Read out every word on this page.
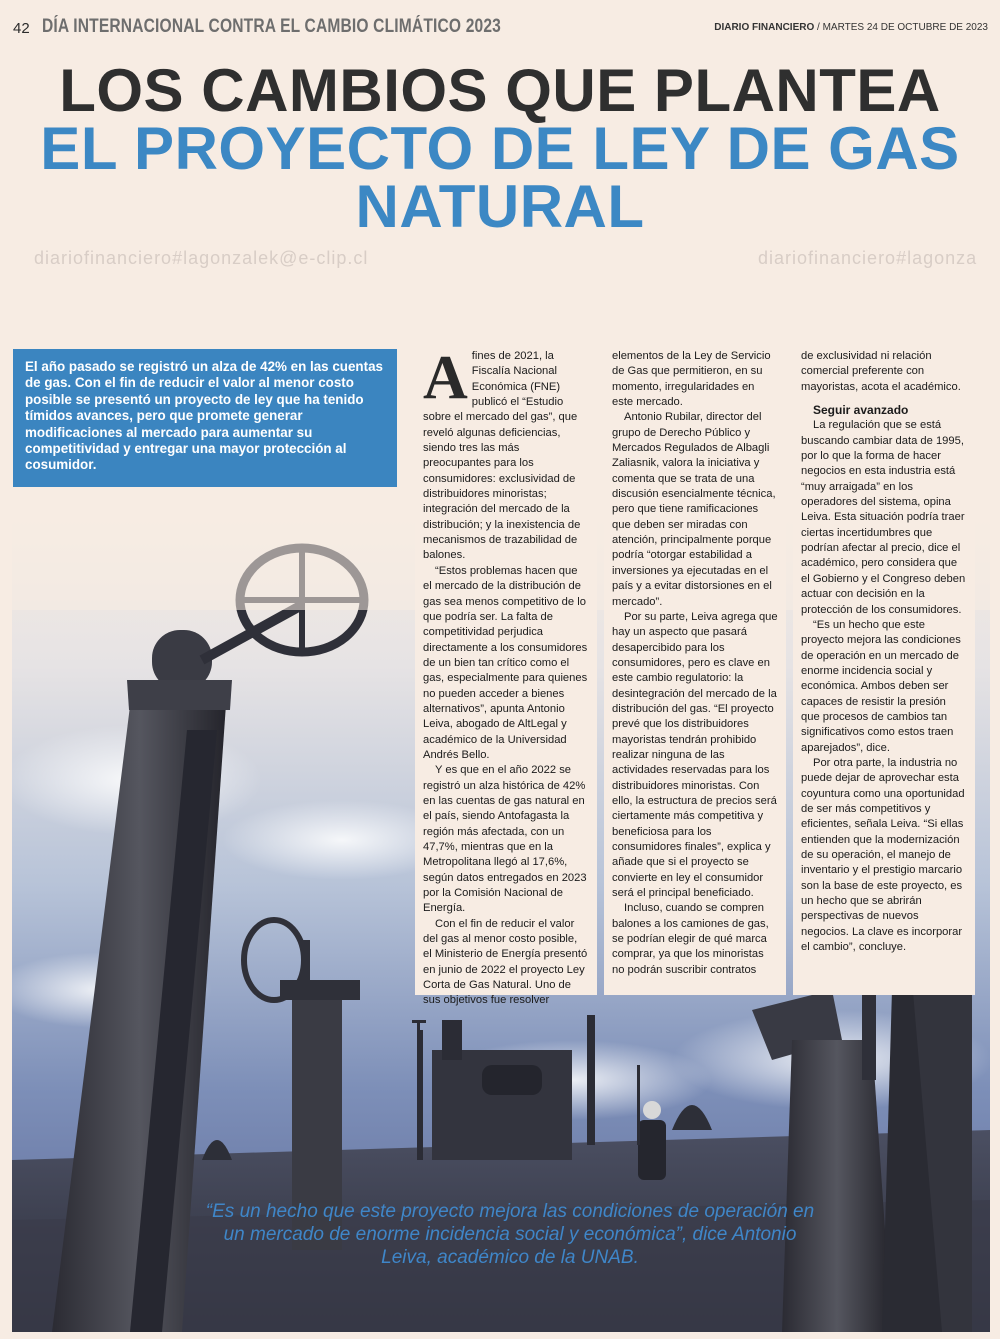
42 DÍA INTERNACIONAL CONTRA EL CAMBIO CLIMÁTICO 2023	DIARIO FINANCIERO / MARTES 24 DE OCTUBRE DE 2023
LOS CAMBIOS QUE PLANTEA
EL PROYECTO DE LEY DE GAS
NATURAL
diariofinanciero#lagonzalek@e-clip.cl	diariofinanciero#lagonza
El año pasado se registró un alza de 42% en las cuentas de gas. Con el fin de reducir el valor al menor costo posible se presentó un proyecto de ley que ha tenido tímidos avances, pero que promete generar modificaciones al mercado para aumentar su competitividad y entregar una mayor protección al cosumidor.

Afines de 2021, la Fiscalía Nacional Económica (FNE) publicó el “Estudio sobre el mercado del gas”, que reveló algunas deficiencias, siendo tres las más preocupantes para los consumidores: exclusividad de distribuidores minoristas; integración del mercado de la distribución; y la inexistencia de mecanismos de trazabilidad de balones.

“Estos problemas hacen que el mercado de la distribución de gas sea menos competitivo de lo que podría ser. La falta de competitividad perjudica directamente a los consumidores de un bien tan crítico como el gas, especialmente para quienes no pueden acceder a bienes alternativos”, apunta Antonio Leiva, abogado de AltLegal y académico de la Universidad Andrés Bello.

Y es que en el año 2022 se registró un alza histórica de 42% en las cuentas de gas natural en el país, siendo Antofagasta la región más afectada, con un 47,7%, mientras que en la Metropolitana llegó al 17,6%, según datos entregados en 2023 por la Comisión Nacional de Energía.

Con el fin de reducir el valor del gas al menor costo posible, el Ministerio de Energía presentó en junio de 2022 el proyecto Ley Corta de Gas Natural. Uno de sus objetivos fue resolver

elementos de la Ley de Servicio de Gas que permitieron, en su momento, irregularidades en este mercado.

Antonio Rubilar, director del grupo de Derecho Público y Mercados Regulados de Albagli Zaliasnik, valora la iniciativa y comenta que se trata de una discusión esencialmente técnica, pero que tiene ramificaciones que deben ser miradas con atención, principalmente porque podría “otorgar estabilidad a inversiones ya ejecutadas en el país y a evitar distorsiones en el mercado”.

Por su parte, Leiva agrega que hay un aspecto que pasará desapercibido para los consumidores, pero es clave en este cambio regulatorio: la desintegración del mercado de la distribución del gas. “El proyecto prevé que los distribuidores mayoristas tendrán prohibido realizar ninguna de las actividades reservadas para los distribuidores minoristas. Con ello, la estructura de precios será ciertamente más competitiva y beneficiosa para los consumidores finales”, explica y añade que si el proyecto se convierte en ley el consumidor será el principal beneficiado.

Incluso, cuando se compren balones a los camiones de gas, se podrían elegir de qué marca comprar, ya que los minoristas no podrán suscribir contratos

de exclusividad ni relación comercial preferente con mayoristas, acota el académico.

Seguir avanzado

La regulación que se está buscando cambiar data de 1995, por lo que la forma de hacer negocios en esta industria está “muy arraigada” en los operadores del sistema, opina Leiva. Esta situación podría traer ciertas incertidumbres que podrían afectar al precio, dice el académico, pero considera que el Gobierno y el Congreso deben actuar con decisión en la protección de los consumidores.

“Es un hecho que este proyecto mejora las condiciones de operación en un mercado de enorme incidencia social y económica. Ambos deben ser capaces de resistir la presión que procesos de cambios tan significativos como estos traen aparejados”, dice.

Por otra parte, la industria no puede dejar de aprovechar esta coyuntura como una oportunidad de ser más competitivos y eficientes, señala Leiva. “Si ellas entienden que la modernización de su operación, el manejo de inventario y el prestigio marcario son la base de este proyecto, es un hecho que se abrirán perspectivas de nuevos negocios. La clave es incorporar el cambio”, concluye.

“Es un hecho que este proyecto mejora las condiciones de operación en un mercado de enorme incidencia social y económica”, dice Antonio Leiva, académico de la UNAB.
